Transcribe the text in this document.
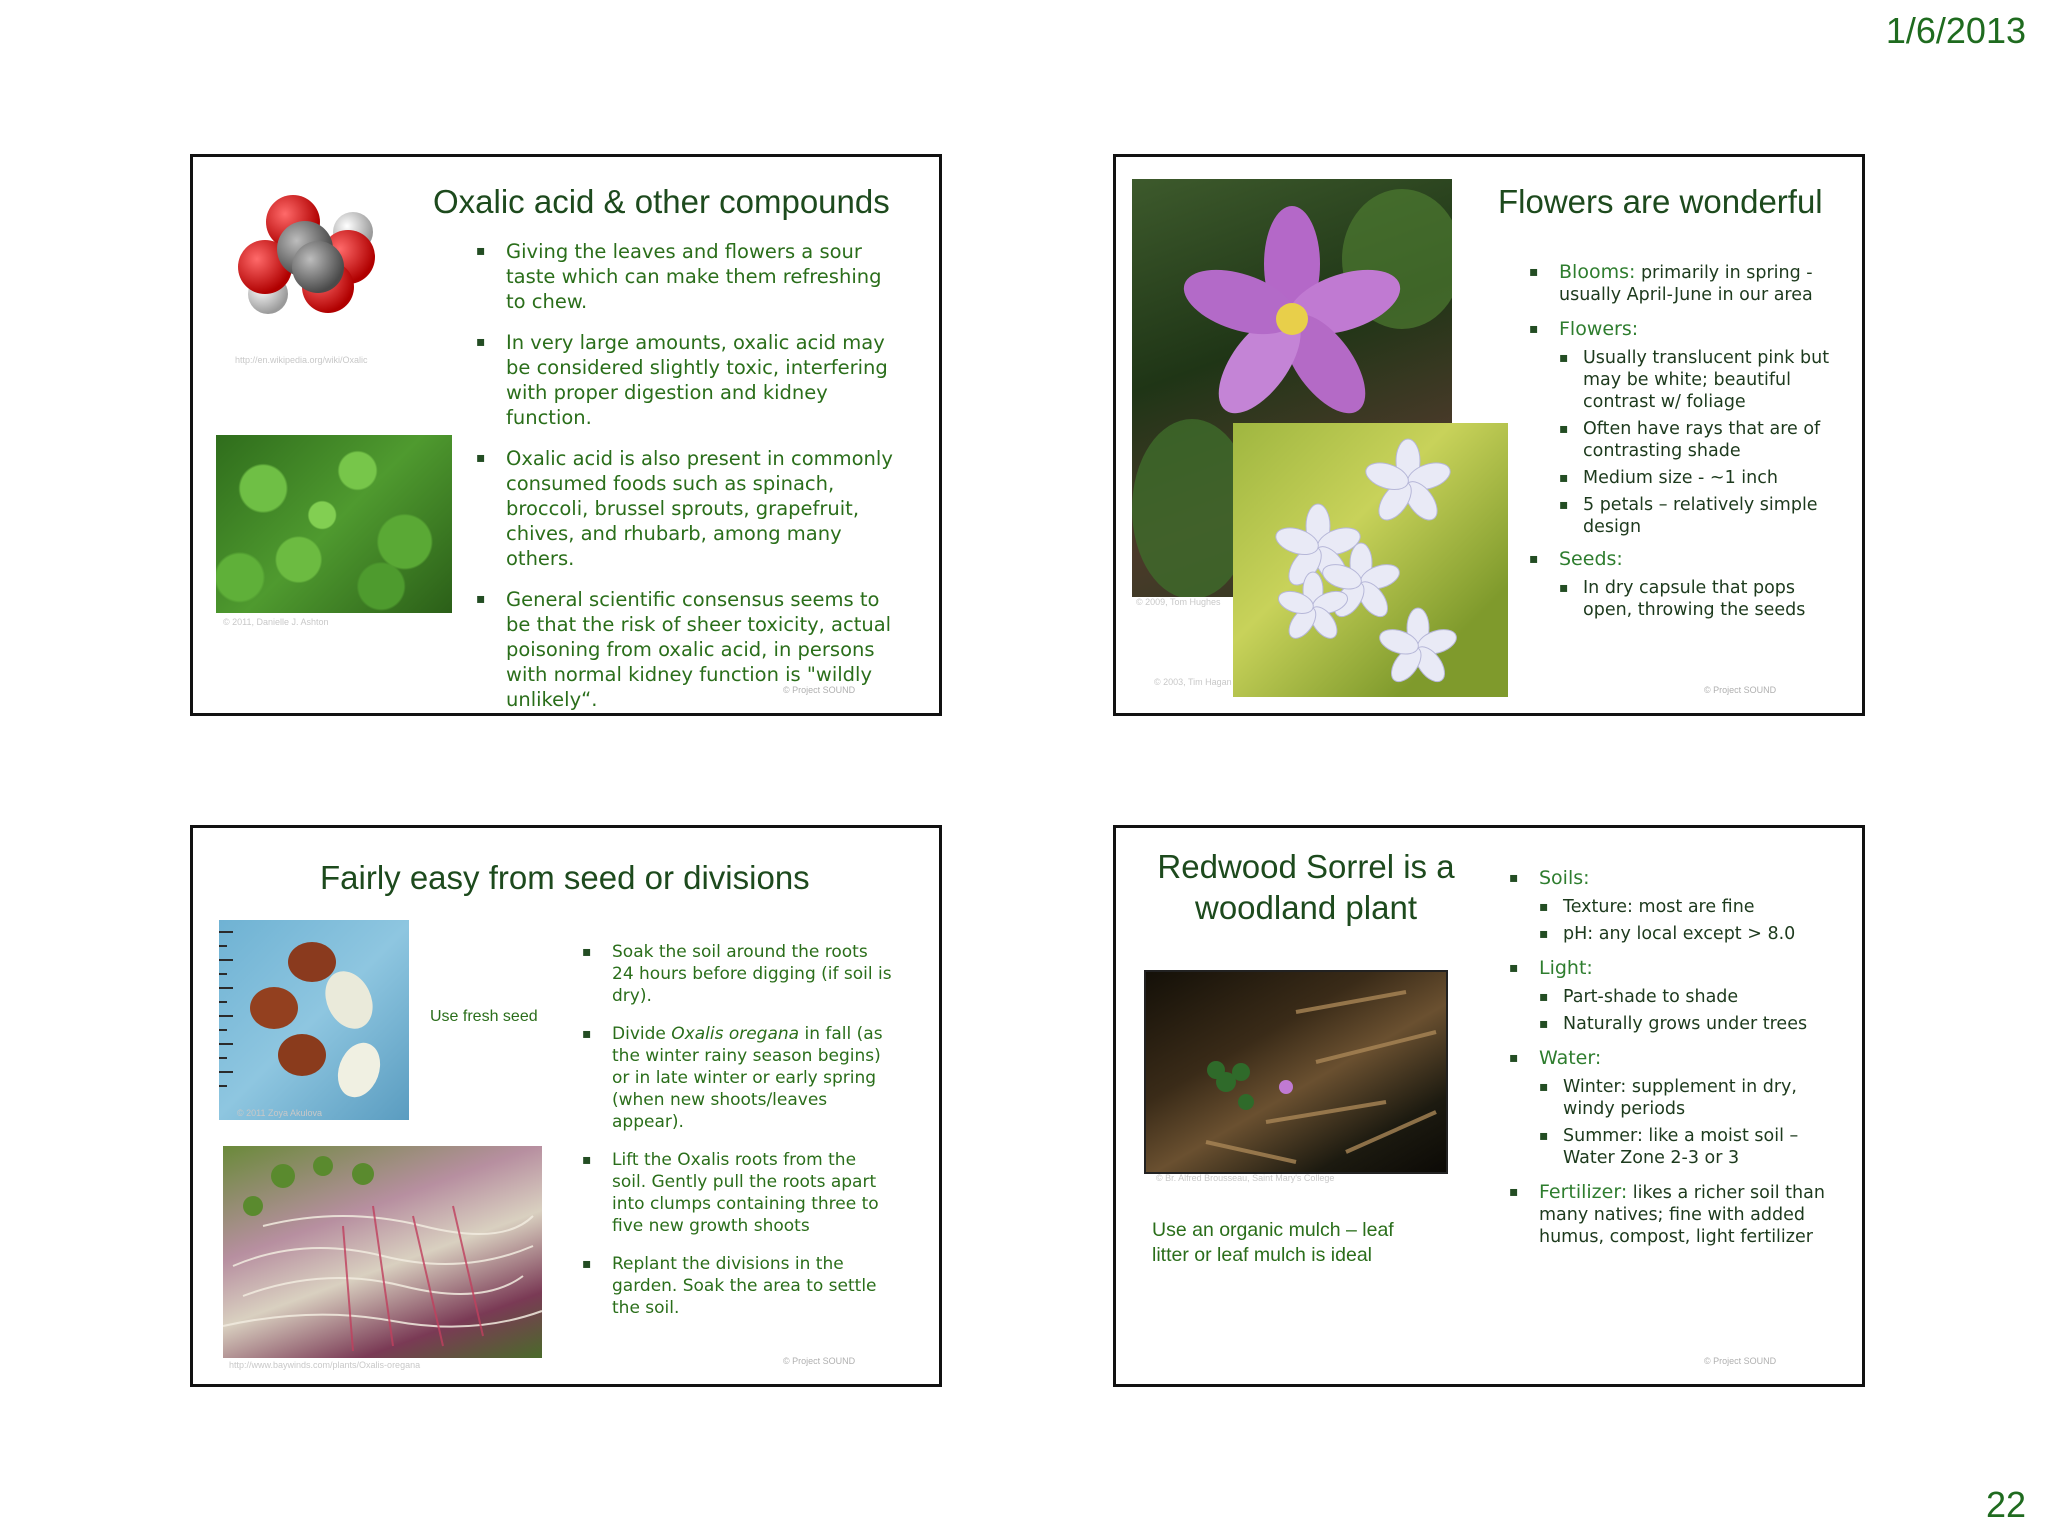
1/6/2013
http://en.wikipedia.org/wiki/Oxalic
© 2011, Danielle J. Ashton
Oxalic acid & other compounds
▪ Giving the leaves and flowers a sour taste which can make them refreshing to chew.
▪ In very large amounts, oxalic acid may be considered slightly toxic, interfering with proper digestion and kidney function.
▪ Oxalic acid is also present in commonly consumed foods such as spinach, broccoli, brussel sprouts, grapefruit, chives, and rhubarb, among many others.
▪ General scientific consensus seems to be that the risk of sheer toxicity, actual poisoning from oxalic acid, in persons with normal kidney function is "wildly unlikely“.	© Project SOUND
© 2009, Tom Hughes
© 2003, Tim Hagan
Flowers are wonderful
▪ Blooms: primarily in spring - usually April-June in our area
▪ Flowers:
▪ Usually translucent pink but may be white; beautiful contrast w/ foliage
▪ Often have rays that are of contrasting shade
▪ Medium size - ~1 inch
▪ 5 petals – relatively simple design
▪ Seeds:
▪ In dry capsule that pops open, throwing the seeds
© Project SOUND
Fairly easy from seed or divisions
© 2011 Zoya Akulova
Use fresh seed
http://www.baywinds.com/plants/Oxalis-oregana
▪ Soak the soil around the roots 24 hours before digging (if soil is dry).
▪ Divide Oxalis oregana in fall (as the winter rainy season begins) or in late winter or early spring (when new shoots/leaves appear).
▪ Lift the Oxalis roots from the soil. Gently pull the roots apart into clumps containing three to five new growth shoots
▪ Replant the divisions in the garden. Soak the area to settle the soil.
© Project SOUND
Redwood Sorrel is a
woodland plant
© Br. Alfred Brousseau, Saint Mary's College
Use an organic mulch – leaf litter or leaf mulch is ideal
▪ Soils:
▪ Texture: most are fine
▪ pH: any local except > 8.0
▪ Light:
▪ Part-shade to shade
▪ Naturally grows under trees
▪ Water:
▪ Winter: supplement in dry, windy periods
▪ Summer: like a moist soil – Water Zone 2-3 or 3
▪ Fertilizer: likes a richer soil than many natives; fine with added humus, compost, light fertilizer
© Project SOUND
22
